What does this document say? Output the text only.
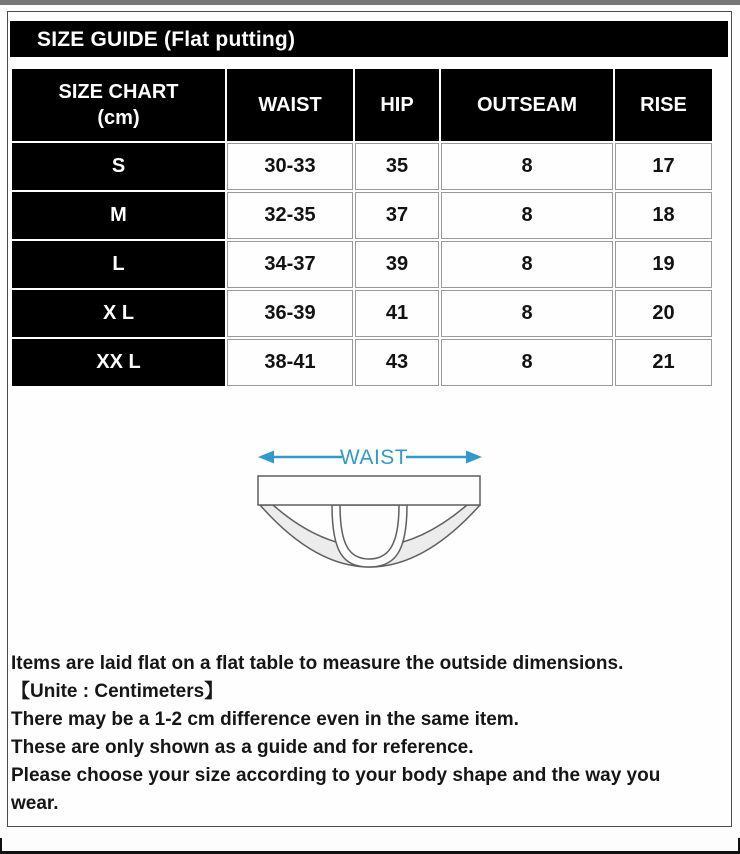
SIZE GUIDE (Flat putting)
SIZE CHART
(cm)	WAIST	HIP	OUTSEAM	RISE
S	30-33	35	8	17
M	32-35	37	8	18
L	34-37	39	8	19
X L	36-39	41	8	20
XX L	38-41	43	8	21
WAIST

Items are laid flat on a flat table to measure the outside dimensions.

【Unite : Centimeters】

There may be a 1-2 cm difference even in the same item.

These are only shown as a guide and for reference.

Please choose your size according to your body shape and the way you wear.
